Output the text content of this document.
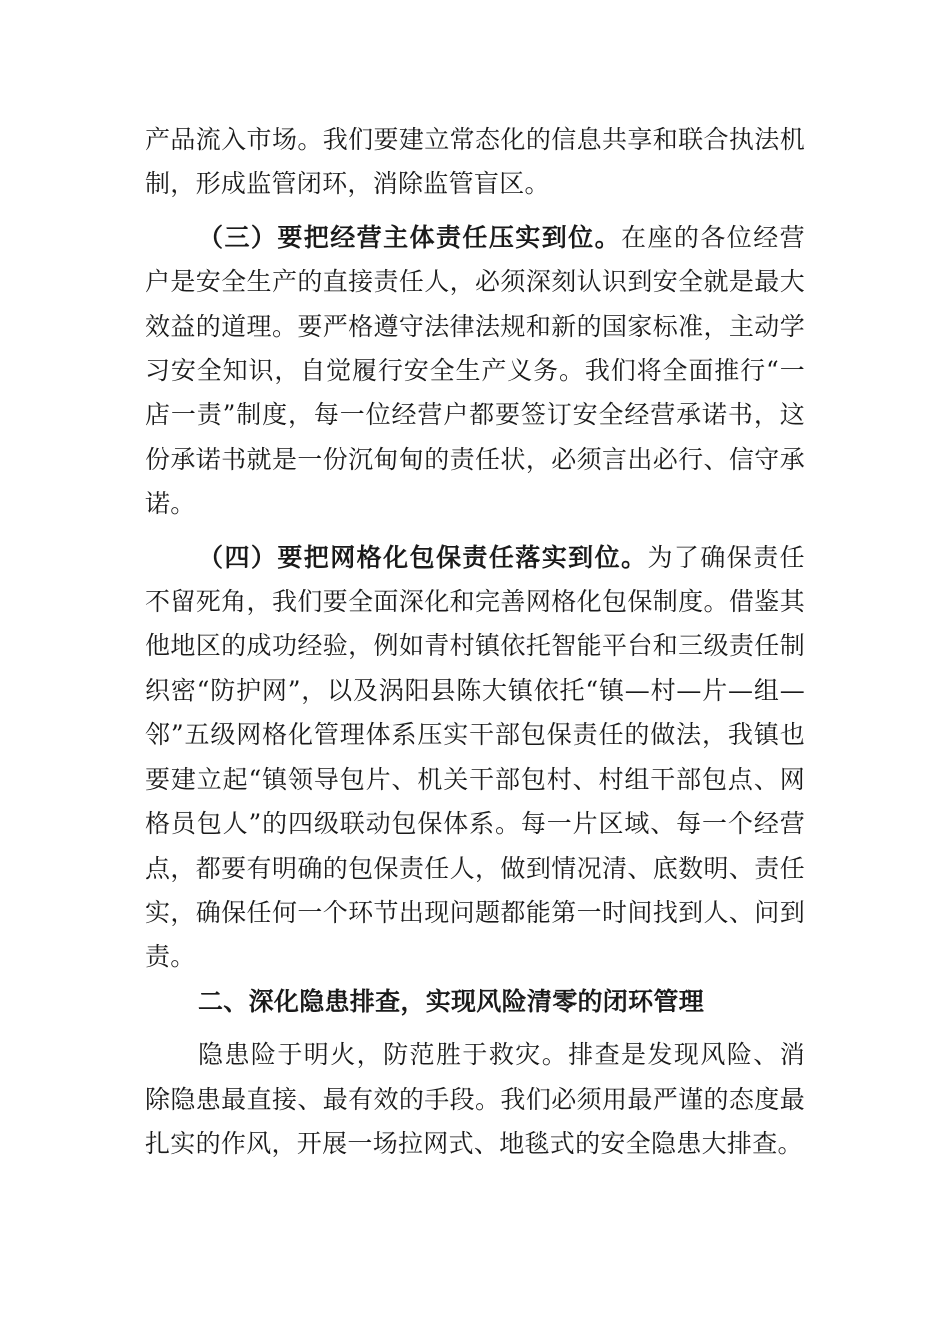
产品流入市场。我们要建立常态化的信息共享和联合执法机制，形成监管闭环，消除监管盲区。

（三）要把经营主体责任压实到位。在座的各位经营户是安全生产的直接责任人，必须深刻认识到安全就是最大效益的道理。要严格遵守法律法规和新的国家标准，主动学习安全知识，自觉履行安全生产义务。我们将全面推行“一店一责”制度，每一位经营户都要签订安全经营承诺书，这份承诺书就是一份沉甸甸的责任状，必须言出必行、信守承诺。

（四）要把网格化包保责任落实到位。为了确保责任不留死角，我们要全面深化和完善网格化包保制度。借鉴其他地区的成功经验，例如青村镇依托智能平台和三级责任制织密“防护网”，以及涡阳县陈大镇依托“镇—村—片—组—邻”五级网格化管理体系压实干部包保责任的做法，我镇也要建立起“镇领导包片、机关干部包村、村组干部包点、网格员包人”的四级联动包保体系。每一片区域、每一个经营点，都要有明确的包保责任人，做到情况清、底数明、责任实，确保任何一个环节出现问题都能第一时间找到人、问到责。

二、深化隐患排查，实现风险清零的闭环管理

隐患险于明火，防范胜于救灾。排查是发现风险、消除隐患最直接、最有效的手段。我们必须用最严谨的态度最扎实的作风，开展一场拉网式、地毯式的安全隐患大排查。
